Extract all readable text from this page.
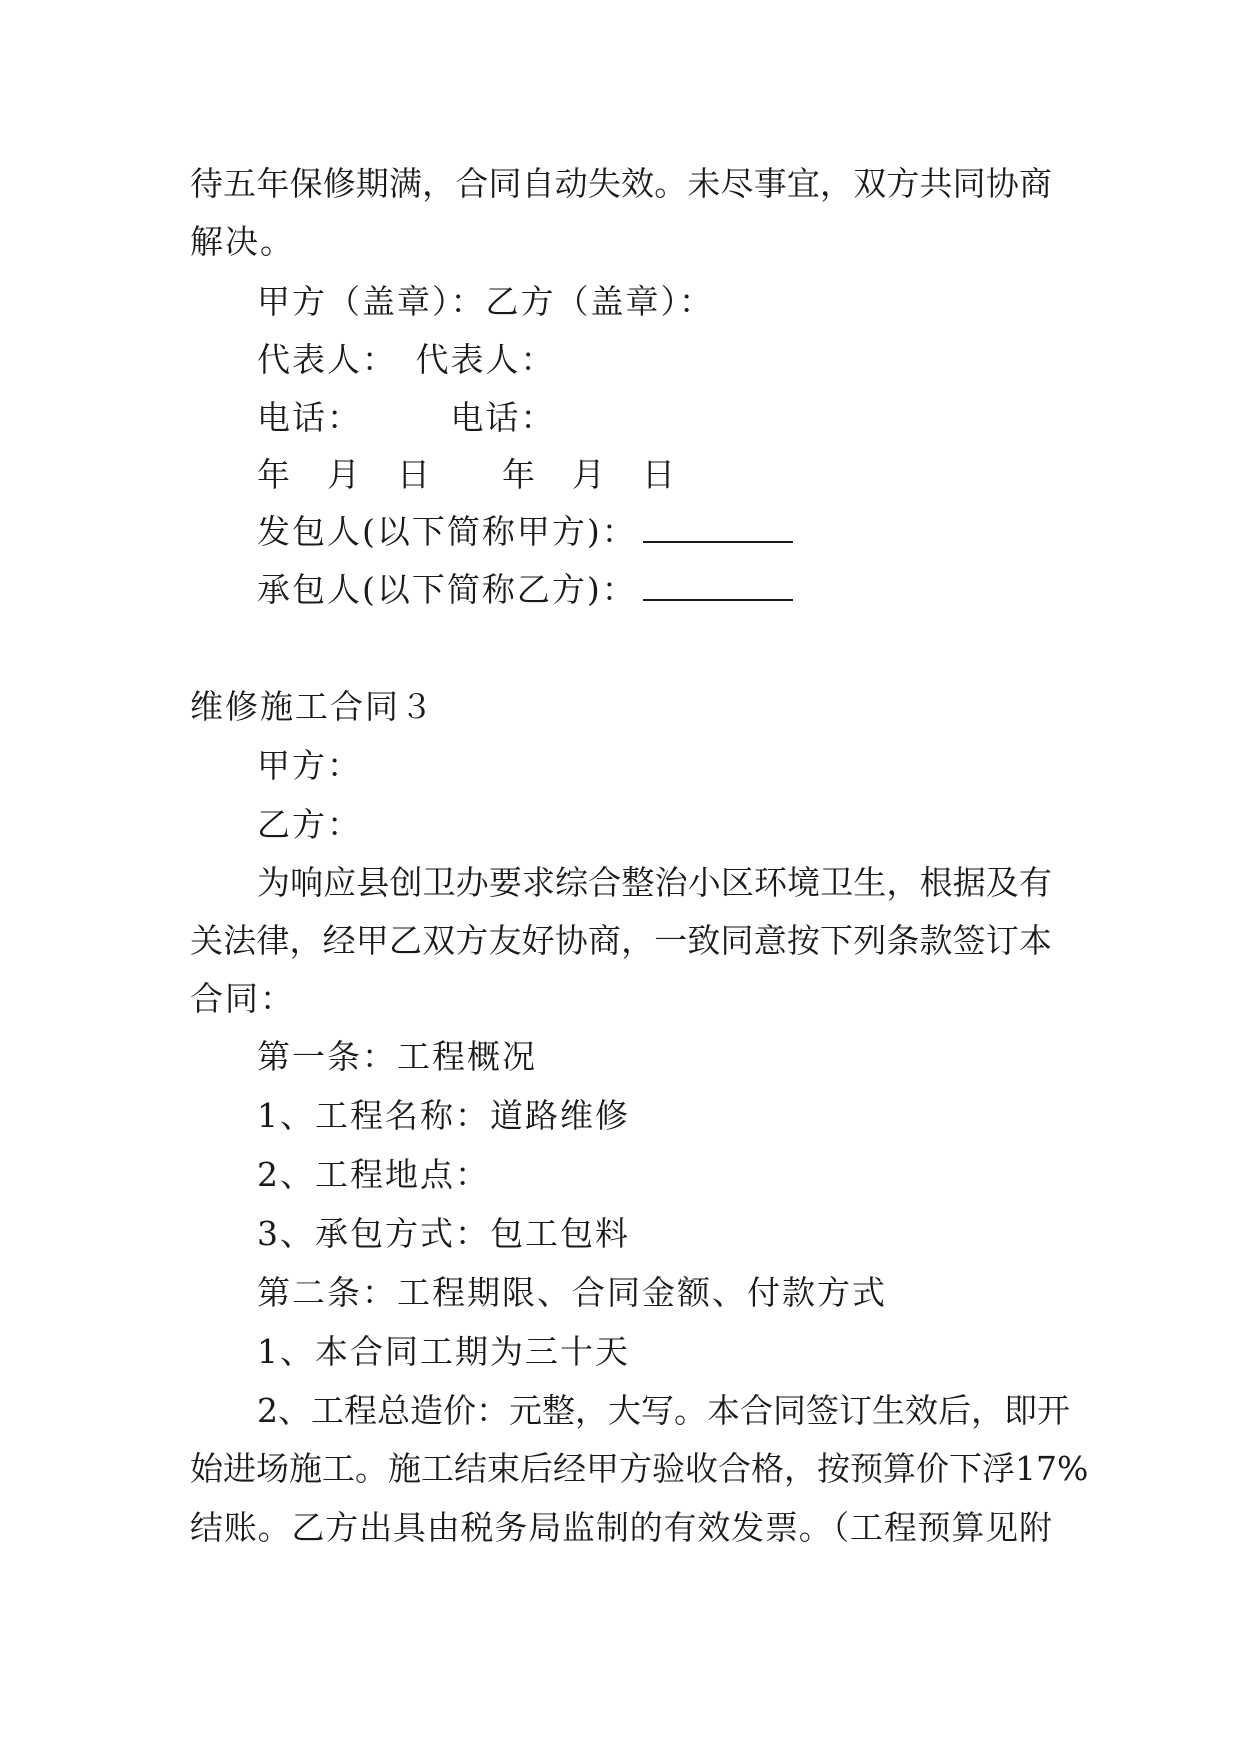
待五年保修期满，合同自动失效。未尽事宜，双方共同协商
解决。
甲方（盖章）：乙方（盖章）：
代表人：　代表人：
电话：　　　电话：
年　月　日　　年　月　日
发包人(以下简称甲方)：
承包人(以下简称乙方)：
维修施工合同３
甲方：
乙方：
为响应县创卫办要求综合整治小区环境卫生，根据及有
关法律，经甲乙双方友好协商，一致同意按下列条款签订本
合同：
第一条：工程概况
1、工程名称：道路维修
2、工程地点：
3、承包方式：包工包料
第二条：工程期限、合同金额、付款方式
1、本合同工期为三十天
2、工程总造价：元整，大写。本合同签订生效后，即开
始进场施工。施工结束后经甲方验收合格，按预算价下浮17%
结账。乙方出具由税务局监制的有效发票。（工程预算见附
